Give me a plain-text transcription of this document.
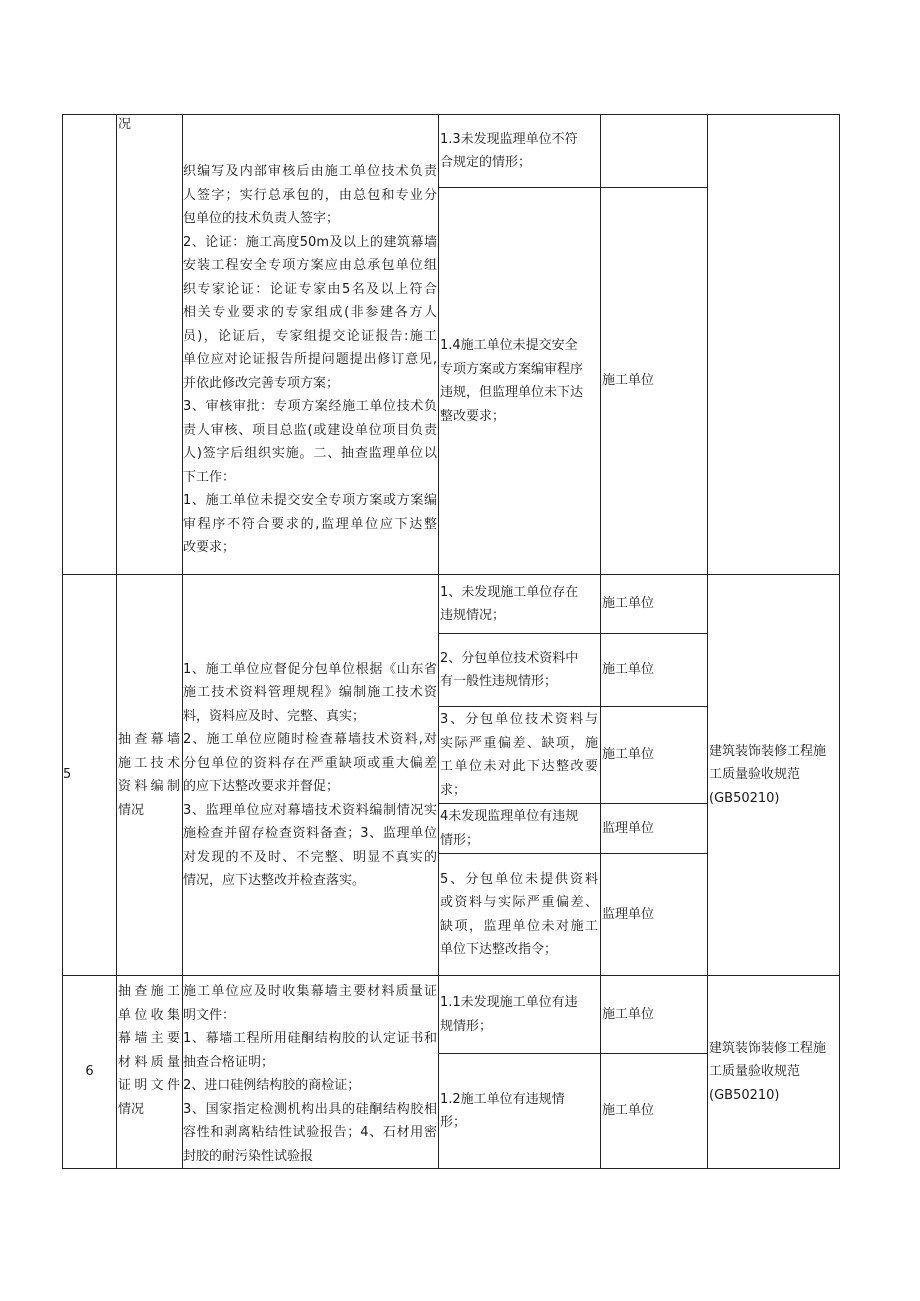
况

织编写及内部审核后由施工单位技术负责

人签字；实行总承包的，由总包和专业分

包单位的技术负责人签字；

2、论证：施工高度50m及以上的建筑幕墙

安装工程安全专项方案应由总承包单位组

织专家论证：论证专家由5名及以上符合

相关专业要求的专家组成(非参建各方人

员)，论证后，专家组提交论证报告:施工

单位应对论证报告所提问题提出修订意见,

并依此修改完善专项方案；

3、审核审批：专项方案经施工单位技术负

责人审核、项目总监(或建设单位项目负责

人)签字后组织实施。二、抽查监理单位以

下工作：

1、施工单位未提交安全专项方案或方案编

审程序不符合要求的,监理单位应下达整

改要求；

1.3未发现监理单位不符

合规定的情形；

1.4施工单位未提交安全

专项方案或方案编审程序

违规，但监理单位未下达

整改要求；

施工单位

5

抽查幕墙

施工技术

资料编制

情况

1、施工单位应督促分包单位根据《山东省

施工技术资料管理规程》编制施工技术资

料，资料应及时、完整、真实；

2、施工单位应随时检查幕墙技术资料,对

分包单位的资料存在严重缺项或重大偏差

的应下达整改要求并督促；

3、监理单位应对幕墙技术资料编制情况实

施检查并留存检查资料备查；3、监理单位

对发现的不及时、不完整、明显不真实的

情况，应下达整改并检查落实。

1、未发现施工单位存在

违规情况；

施工单位

2、分包单位技术资料中

有一般性违规情形；

施工单位

3、分包单位技术资料与

实际严重偏差、缺项，施

工单位未对此下达整改要

求；

施工单位

4未发现监理单位有违规

情形；

监理单位

5、分包单位未提供资料

或资料与实际严重偏差、

缺项，监理单位未对施工

单位下达整改指令；

监理单位

建筑装饰装修工程施

工质量验收规范

(GB50210)

6

抽查施工

单位收集

幕墙主要

材料质量

证明文件

情况

施工单位应及时收集幕墙主要材料质量证

明文件：

1、幕墙工程所用硅酮结构胶的认定证书和

抽查合格证明；

2、进口硅例结构胶的商检证；

3、国家指定检测机构出具的硅酮结构胶相

容性和剥离粘结性试验报告；4、石材用密

封胶的耐污染性试验报

1.1未发现施工单位有违

规情形；

施工单位

1.2施工单位有违规情

形；

施工单位

建筑装饰装修工程施

工质量验收规范

(GB50210)
